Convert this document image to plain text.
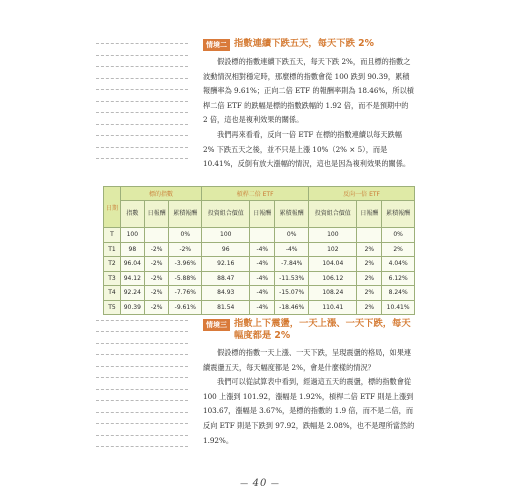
情境二 指數連續下跌五天，每天下跌 2%

假設標的指數連續下跌五天，每天下跌 2%，而且標的指數之波動情況相對穩定時，那麼標的指數會從 100 跌到 90.39，累積報酬率為 9.61%；正向二倍 ETF 的報酬率則為 18.46%，所以槓桿二倍 ETF 的跌幅是標的指數跌幅的 1.92 倍，而不是預期中的 2 倍，這也是複利效果的關係。

我們再來看看，反向一倍 ETF 在標的指數連續以每天跌幅 2% 下跌五天之後，並不只是上漲 10%（2% × 5），而是 10.41%，反倒有放大漲幅的情況，這也是因為複利效果的關係。

日期	標的指數			槓桿二倍 ETF			反向一倍 ETF		
	指數	日報酬	累積報酬	投資組合價值	日報酬	累積報酬	投資組合價值	日報酬	累積報酬
T	100		0%	100		0%	100		0%
T1	98	-2%	-2%	96	-4%	-4%	102	2%	2%
T2	96.04	-2%	-3.96%	92.16	-4%	-7.84%	104.04	2%	4.04%
T3	94.12	-2%	-5.88%	88.47	-4%	-11.53%	106.12	2%	6.12%
T4	92.24	-2%	-7.76%	84.93	-4%	-15.07%	108.24	2%	8.24%
T5	90.39	-2%	-9.61%	81.54	-4%	-18.46%	110.41	2%	10.41%
情境三 指數上下震盪，一天上漲、一天下跌，每天幅度都是 2%

假設標的指數一天上漲、一天下跌，呈現震盪的格局，如果連續震盪五天，每天幅度都是 2%，會是什麼樣的情況？

我們可以從試算表中看到，經過這五天的震盪，標的指數會從 100 上漲到 101.92，漲幅是 1.92%，槓桿二倍 ETF 則是上漲到 103.67，漲幅是 3.67%，是標的指數的 1.9 倍，而不是二倍，而反向 ETF 則是下跌到 97.92，跌幅是 2.08%，也不是理所當然的 1.92%。

— 40 —
